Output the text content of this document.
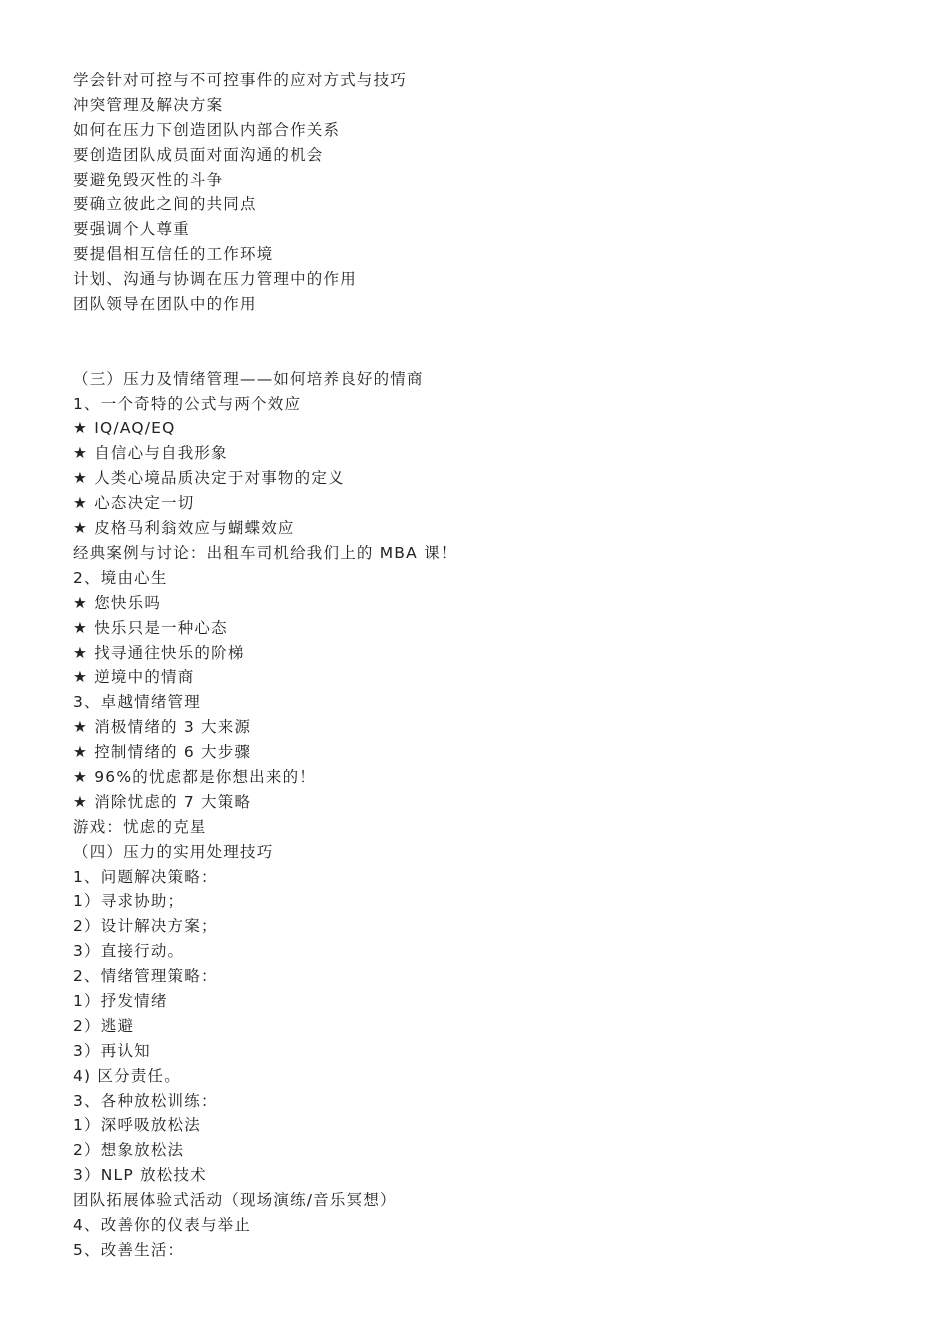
学会针对可控与不可控事件的应对方式与技巧
冲突管理及解决方案
如何在压力下创造团队内部合作关系
要创造团队成员面对面沟通的机会
要避免毁灭性的斗争
要确立彼此之间的共同点
要强调个人尊重
要提倡相互信任的工作环境
计划、沟通与协调在压力管理中的作用
团队领导在团队中的作用
（三）压力及情绪管理——如何培养良好的情商
1、一个奇特的公式与两个效应
★ IQ/AQ/EQ
★ 自信心与自我形象
★ 人类心境品质决定于对事物的定义
★ 心态决定一切
★ 皮格马利翁效应与蝴蝶效应
经典案例与讨论：出租车司机给我们上的 MBA 课！
2、境由心生
★ 您快乐吗
★ 快乐只是一种心态
★ 找寻通往快乐的阶梯
★ 逆境中的情商
3、卓越情绪管理
★ 消极情绪的 3 大来源
★ 控制情绪的 6 大步骤
★ 96%的忧虑都是你想出来的！
★ 消除忧虑的 7 大策略
游戏：忧虑的克星
（四）压力的实用处理技巧
1、问题解决策略：
1）寻求协助；
2）设计解决方案；
3）直接行动。
2、情绪管理策略：
1）抒发情绪
2）逃避
3）再认知
4) 区分责任。
3、各种放松训练：
1）深呼吸放松法
2）想象放松法
3）NLP 放松技术
团队拓展体验式活动（现场演练/音乐冥想）
4、改善你的仪表与举止
5、改善生活：
